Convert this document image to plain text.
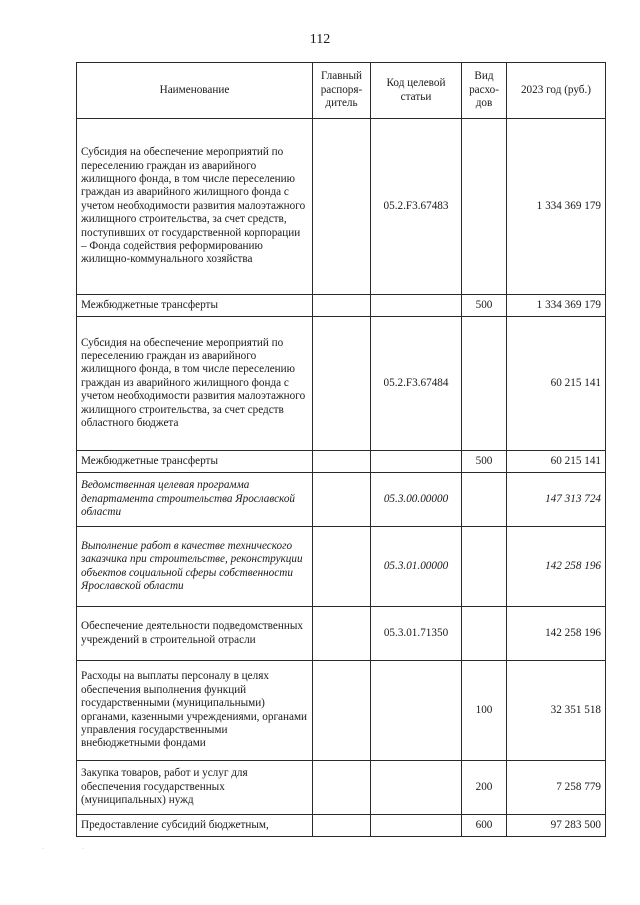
112
Наименование	Главный распоря-дитель	Код целевой статьи	Вид расхо-дов	2023 год (руб.)
Субсидия на обеспечение мероприятий по переселению граждан из аварийного жилищного фонда, в том числе переселению граждан из аварийного жилищного фонда с учетом необходимости развития малоэтажного жилищного строительства, за счет средств, поступивших от государственной корпорации – Фонда содействия реформированию жилищно-коммунального хозяйства		05.2.F3.67483		1 334 369 179
Межбюджетные трансферты			500	1 334 369 179
Субсидия на обеспечение мероприятий по переселению граждан из аварийного жилищного фонда, в том числе переселению граждан из аварийного жилищного фонда с учетом необходимости развития малоэтажного жилищного строительства, за счет средств областного бюджета		05.2.F3.67484		60 215 141
Межбюджетные трансферты			500	60 215 141
Ведомственная целевая программа департамента строительства Ярославской области		05.3.00.00000		147 313 724
Выполнение работ в качестве технического заказчика при строительстве, реконструкции объектов социальной сферы собственности Ярославской области		05.3.01.00000		142 258 196
Обеспечение деятельности подведомственных учреждений в строительной отрасли		05.3.01.71350		142 258 196
Расходы на выплаты персоналу в целях обеспечения выполнения функций государственными (муниципальными) органами, казенными учреждениями, органами управления государственными внебюджетными фондами			100	32 351 518
Закупка товаров, работ и услуг для обеспечения государственных (муниципальных) нужд			200	7 258 779
Предоставление субсидий бюджетным,			600	97 283 500
·	·
